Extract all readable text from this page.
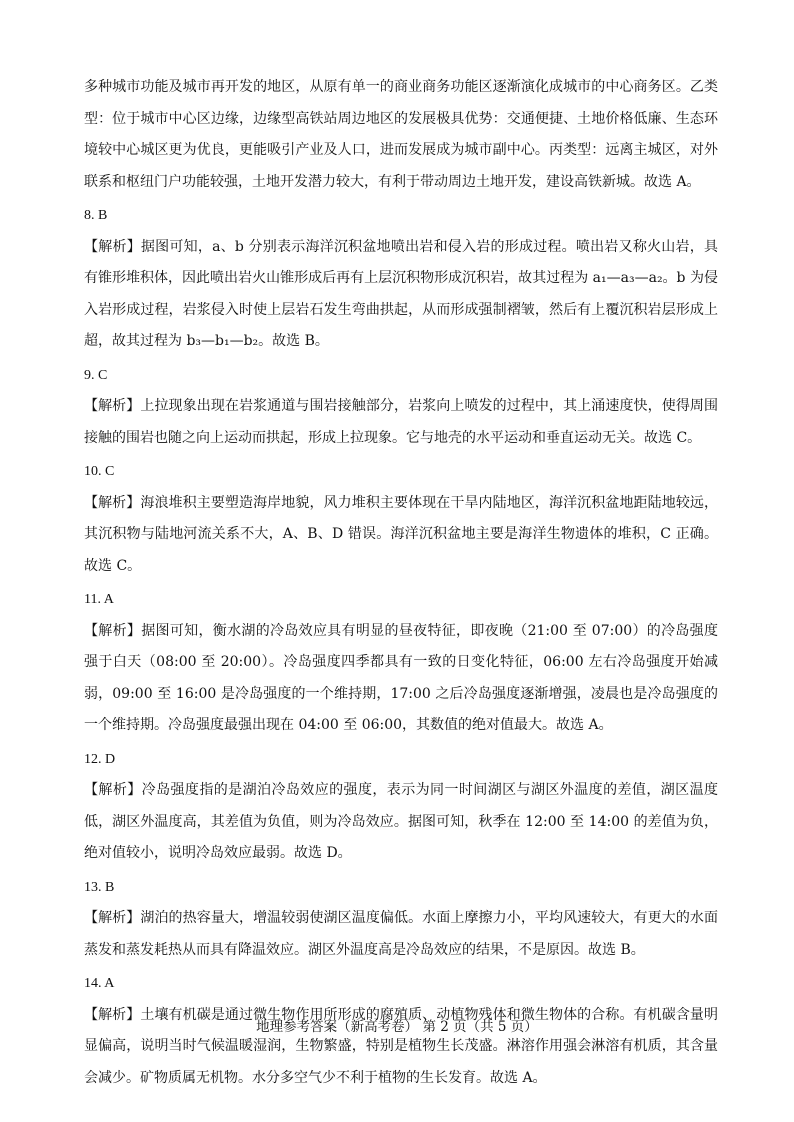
多种城市功能及城市再开发的地区，从原有单一的商业商务功能区逐渐演化成城市的中心商务区。乙类型：位于城市中心区边缘，边缘型高铁站周边地区的发展极具优势：交通便捷、土地价格低廉、生态环境较中心城区更为优良，更能吸引产业及人口，进而发展成为城市副中心。丙类型：远离主城区，对外联系和枢纽门户功能较强，土地开发潜力较大，有利于带动周边土地开发，建设高铁新城。故选 A。

8. B

【解析】据图可知，a、b 分别表示海洋沉积盆地喷出岩和侵入岩的形成过程。喷出岩又称火山岩，具有锥形堆积体，因此喷出岩火山锥形成后再有上层沉积物形成沉积岩，故其过程为 a₁—a₃—a₂。b 为侵入岩形成过程，岩浆侵入时使上层岩石发生弯曲拱起，从而形成强制褶皱，然后有上覆沉积岩层形成上超，故其过程为 b₃—b₁—b₂。故选 B。

9. C

【解析】上拉现象出现在岩浆通道与围岩接触部分，岩浆向上喷发的过程中，其上涌速度快，使得周围接触的围岩也随之向上运动而拱起，形成上拉现象。它与地壳的水平运动和垂直运动无关。故选 C。

10. C

【解析】海浪堆积主要塑造海岸地貌，风力堆积主要体现在干旱内陆地区，海洋沉积盆地距陆地较远，其沉积物与陆地河流关系不大，A、B、D 错误。海洋沉积盆地主要是海洋生物遗体的堆积，C 正确。故选 C。

11. A

【解析】据图可知，衡水湖的冷岛效应具有明显的昼夜特征，即夜晚（21:00 至 07:00）的冷岛强度强于白天（08:00 至 20:00）。冷岛强度四季都具有一致的日变化特征，06:00 左右冷岛强度开始减弱，09:00 至 16:00 是冷岛强度的一个维持期，17:00 之后冷岛强度逐渐增强，凌晨也是冷岛强度的一个维持期。冷岛强度最强出现在 04:00 至 06:00，其数值的绝对值最大。故选 A。

12. D

【解析】冷岛强度指的是湖泊冷岛效应的强度，表示为同一时间湖区与湖区外温度的差值，湖区温度低，湖区外温度高，其差值为负值，则为冷岛效应。据图可知，秋季在 12:00 至 14:00 的差值为负，绝对值较小，说明冷岛效应最弱。故选 D。

13. B

【解析】湖泊的热容量大，增温较弱使湖区温度偏低。水面上摩擦力小，平均风速较大，有更大的水面蒸发和蒸发耗热从而具有降温效应。湖区外温度高是冷岛效应的结果，不是原因。故选 B。

14. A

【解析】土壤有机碳是通过微生物作用所形成的腐殖质、动植物残体和微生物体的合称。有机碳含量明显偏高，说明当时气候温暖湿润，生物繁盛，特别是植物生长茂盛。淋溶作用强会淋溶有机质，其含量会减少。矿物质属无机物。水分多空气少不利于植物的生长发育。故选 A。

地理参考答案（新高考卷） 第 2 页（共 5 页）
